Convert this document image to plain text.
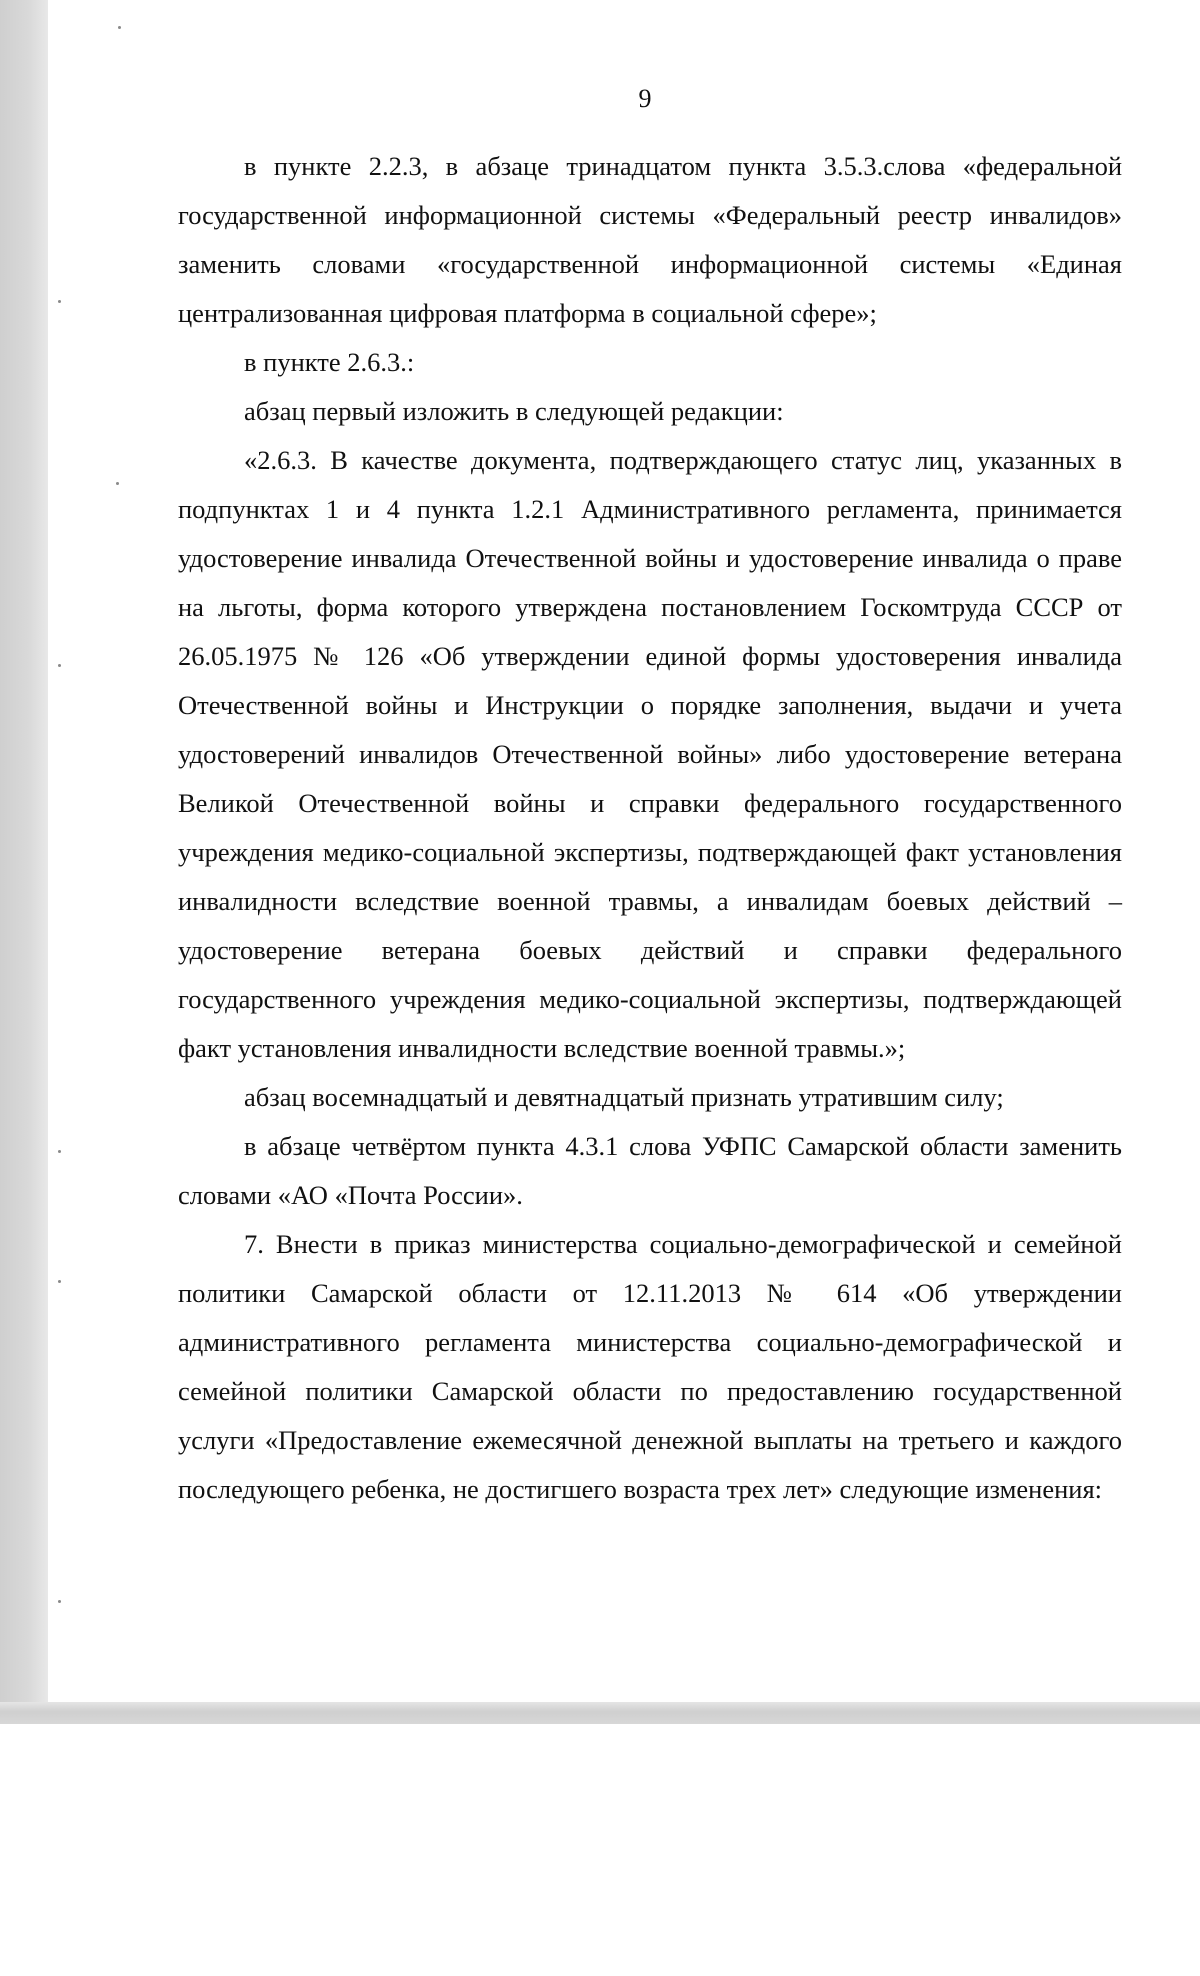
9

в пункте 2.2.3, в абзаце тринадцатом пункта 3.5.3.слова «федеральной государственной информационной системы «Федеральный реестр инвалидов» заменить словами «государственной информационной системы «Единая централизованная цифровая платформа в социальной сфере»;

в пункте 2.6.3.:

абзац первый изложить в следующей редакции:

«2.6.3. В качестве документа, подтверждающего статус лиц, указанных в подпунктах 1 и 4 пункта 1.2.1 Административного регламента, принимается удостоверение инвалида Отечественной войны и удостоверение инвалида о праве на льготы, форма которого утверждена постановлением Госкомтруда СССР от 26.05.1975 № 126 «Об утверждении единой формы удостоверения инвалида Отечественной войны и Инструкции о порядке заполнения, выдачи и учета удостоверений инвалидов Отечественной войны» либо удостоверение ветерана Великой Отечественной войны и справки федерального государственного учреждения медико-социальной экспертизы, подтверждающей факт установления инвалидности вследствие военной травмы, а инвалидам боевых действий – удостоверение ветерана боевых действий и справки федерального государственного учреждения медико-социальной экспертизы, подтверждающей факт установления инвалидности вследствие военной травмы.»;

абзац восемнадцатый и девятнадцатый признать утратившим силу;

в абзаце четвёртом пункта 4.3.1 слова УФПС Самарской области заменить словами «АО «Почта России».

7. Внести в приказ министерства социально-демографической и семейной политики Самарской области от 12.11.2013 № 614 «Об утверждении административного регламента министерства социально-демографической и семейной политики Самарской области по предоставлению государственной услуги «Предоставление ежемесячной денежной выплаты на третьего и каждого последующего ребенка, не достигшего возраста трех лет» следующие изменения:
